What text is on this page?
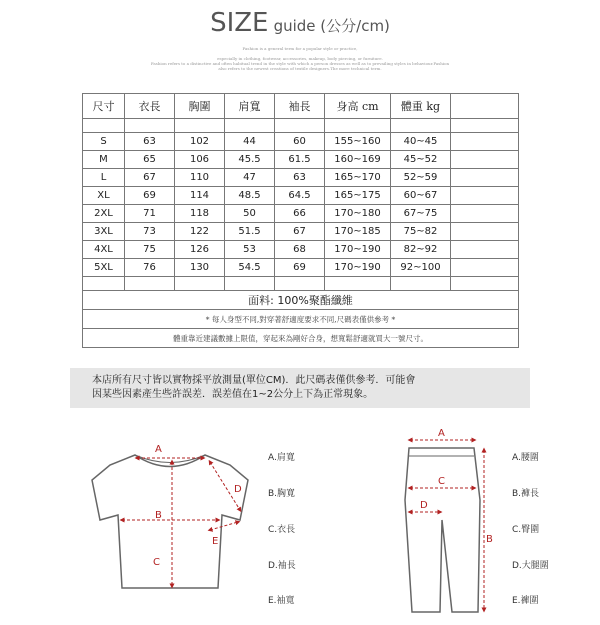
SIZE guide (公分/cm)
Fashion is a general term for a popular style or practice,
especially in clothing, footwear, accessories, makeup, body piercing, or furniture.
Fashion refers to a distinctive and often habitual trend in the style with which a person dresses as well as to prevailing styles in behaviour.Fashion
also refers to the newest creations of textile designers.The more technical term.
尺寸	衣長	胸圍	肩寬	袖長	身高 cm	體重 kg	

S	63	102	44	60	155~160	40~45	
M	65	106	45.5	61.5	160~169	45~52	
L	67	110	47	63	165~170	52~59	
XL	69	114	48.5	64.5	165~175	60~67	
2XL	71	118	50	66	170~180	67~75	
3XL	73	122	51.5	67	170~185	75~82	
4XL	75	126	53	68	170~190	82~92	
5XL	76	130	54.5	69	170~190	92~100	

面料: 100%聚酯纖維							
* 每人身型不同,對穿著舒適度要求不同,尺碼表僅供參考 *							
體重靠近建議數據上限值，穿起來為剛好合身，想寬鬆舒適就買大一號尺寸。							
本店所有尺寸皆以實物採平放測量(單位CM)．此尺碼表僅供參考．可能會
因某些因素產生些許誤差．誤差值在1~2公分上下為正常現象。
A
B
C
D
E
A
B
C
D
A.肩寬
B.胸寬
C.衣長
D.袖長
E.袖寬
A.腰圍
B.褲長
C.臀圍
D.大腿圍
E.褲圍
